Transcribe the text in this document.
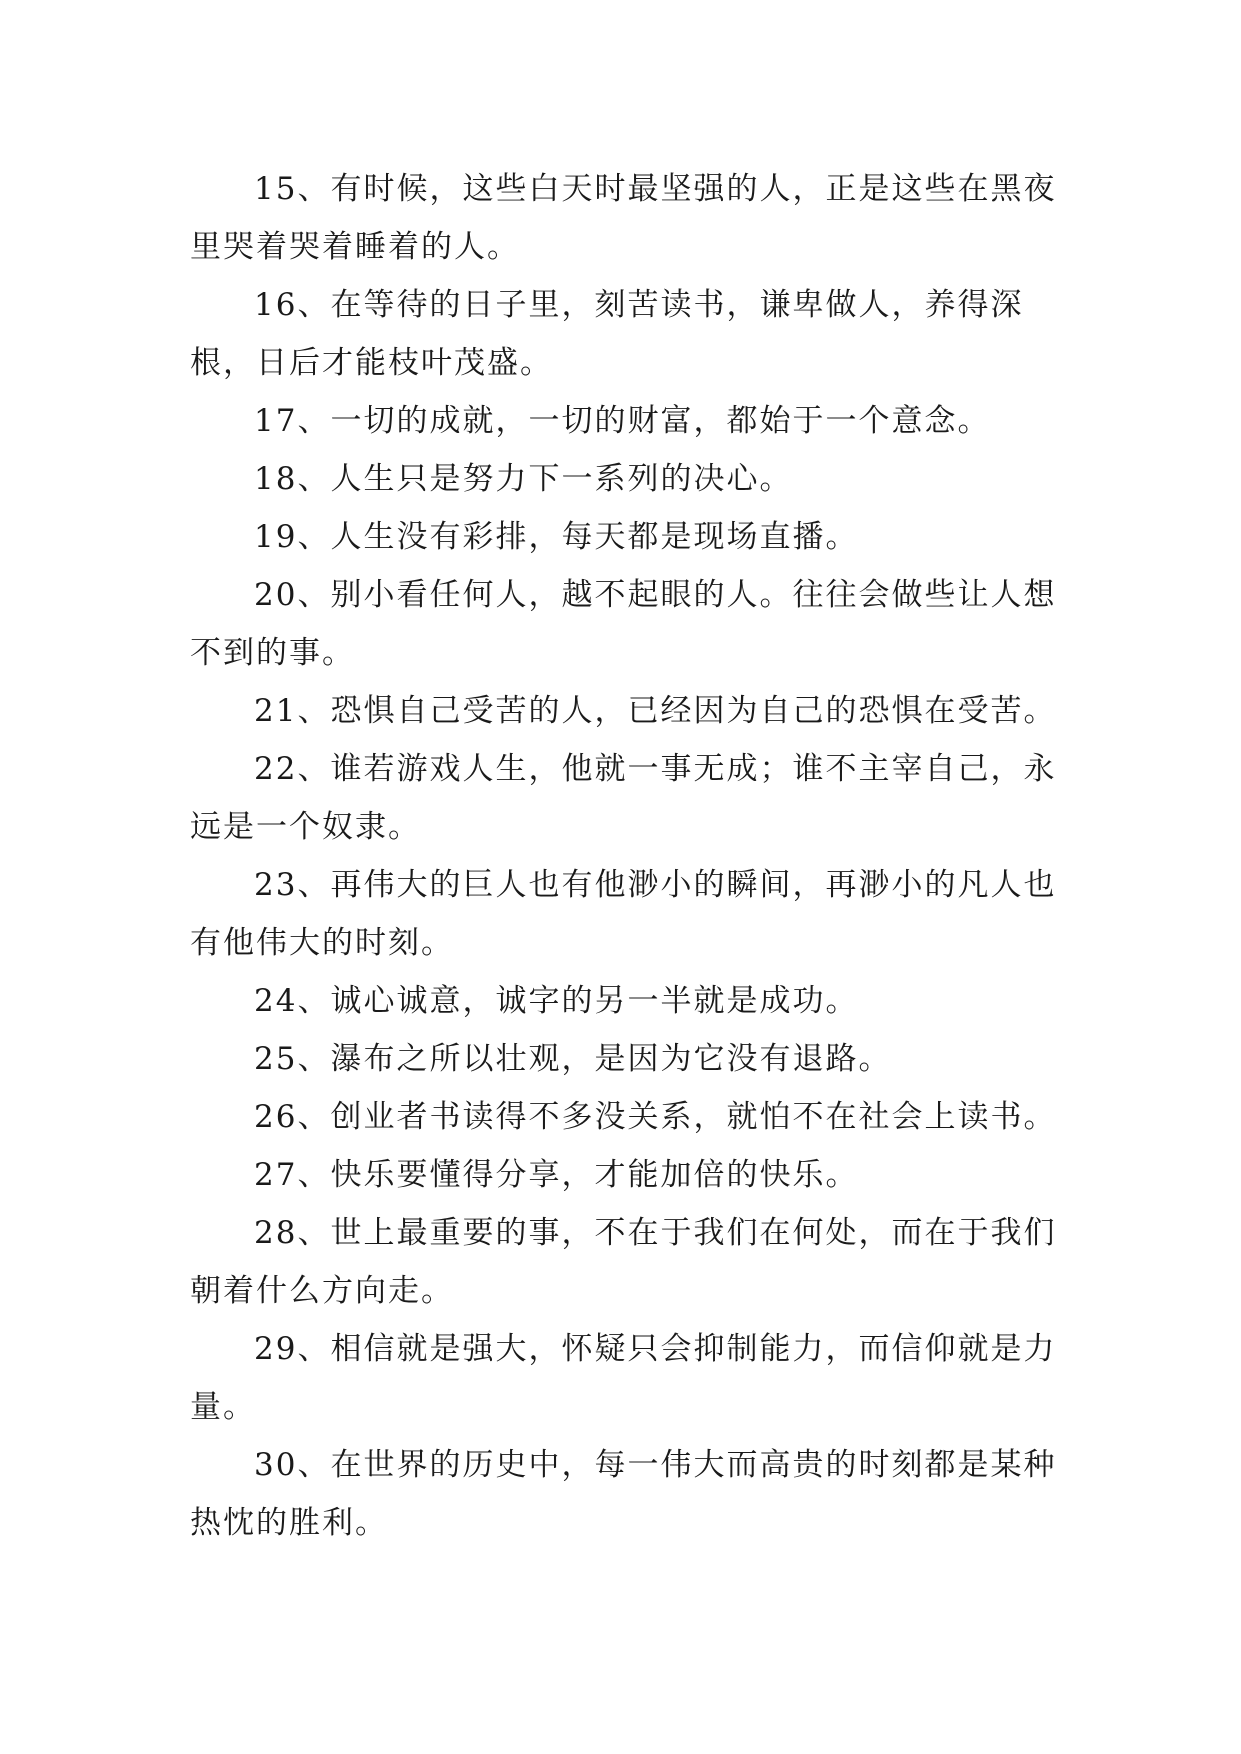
15、有时候，这些白天时最坚强的人，正是这些在黑夜里哭着哭着睡着的人。

16、在等待的日子里，刻苦读书，谦卑做人，养得深根，日后才能枝叶茂盛。

17、一切的成就，一切的财富，都始于一个意念。

18、人生只是努力下一系列的决心。

19、人生没有彩排，每天都是现场直播。

20、别小看任何人，越不起眼的人。往往会做些让人想不到的事。

21、恐惧自己受苦的人，已经因为自己的恐惧在受苦。

22、谁若游戏人生，他就一事无成；谁不主宰自己，永远是一个奴隶。

23、再伟大的巨人也有他渺小的瞬间，再渺小的凡人也有他伟大的时刻。

24、诚心诚意，诚字的另一半就是成功。

25、瀑布之所以壮观，是因为它没有退路。

26、创业者书读得不多没关系，就怕不在社会上读书。

27、快乐要懂得分享，才能加倍的快乐。

28、世上最重要的事，不在于我们在何处，而在于我们朝着什么方向走。

29、相信就是强大，怀疑只会抑制能力，而信仰就是力量。

30、在世界的历史中，每一伟大而高贵的时刻都是某种热忱的胜利。
